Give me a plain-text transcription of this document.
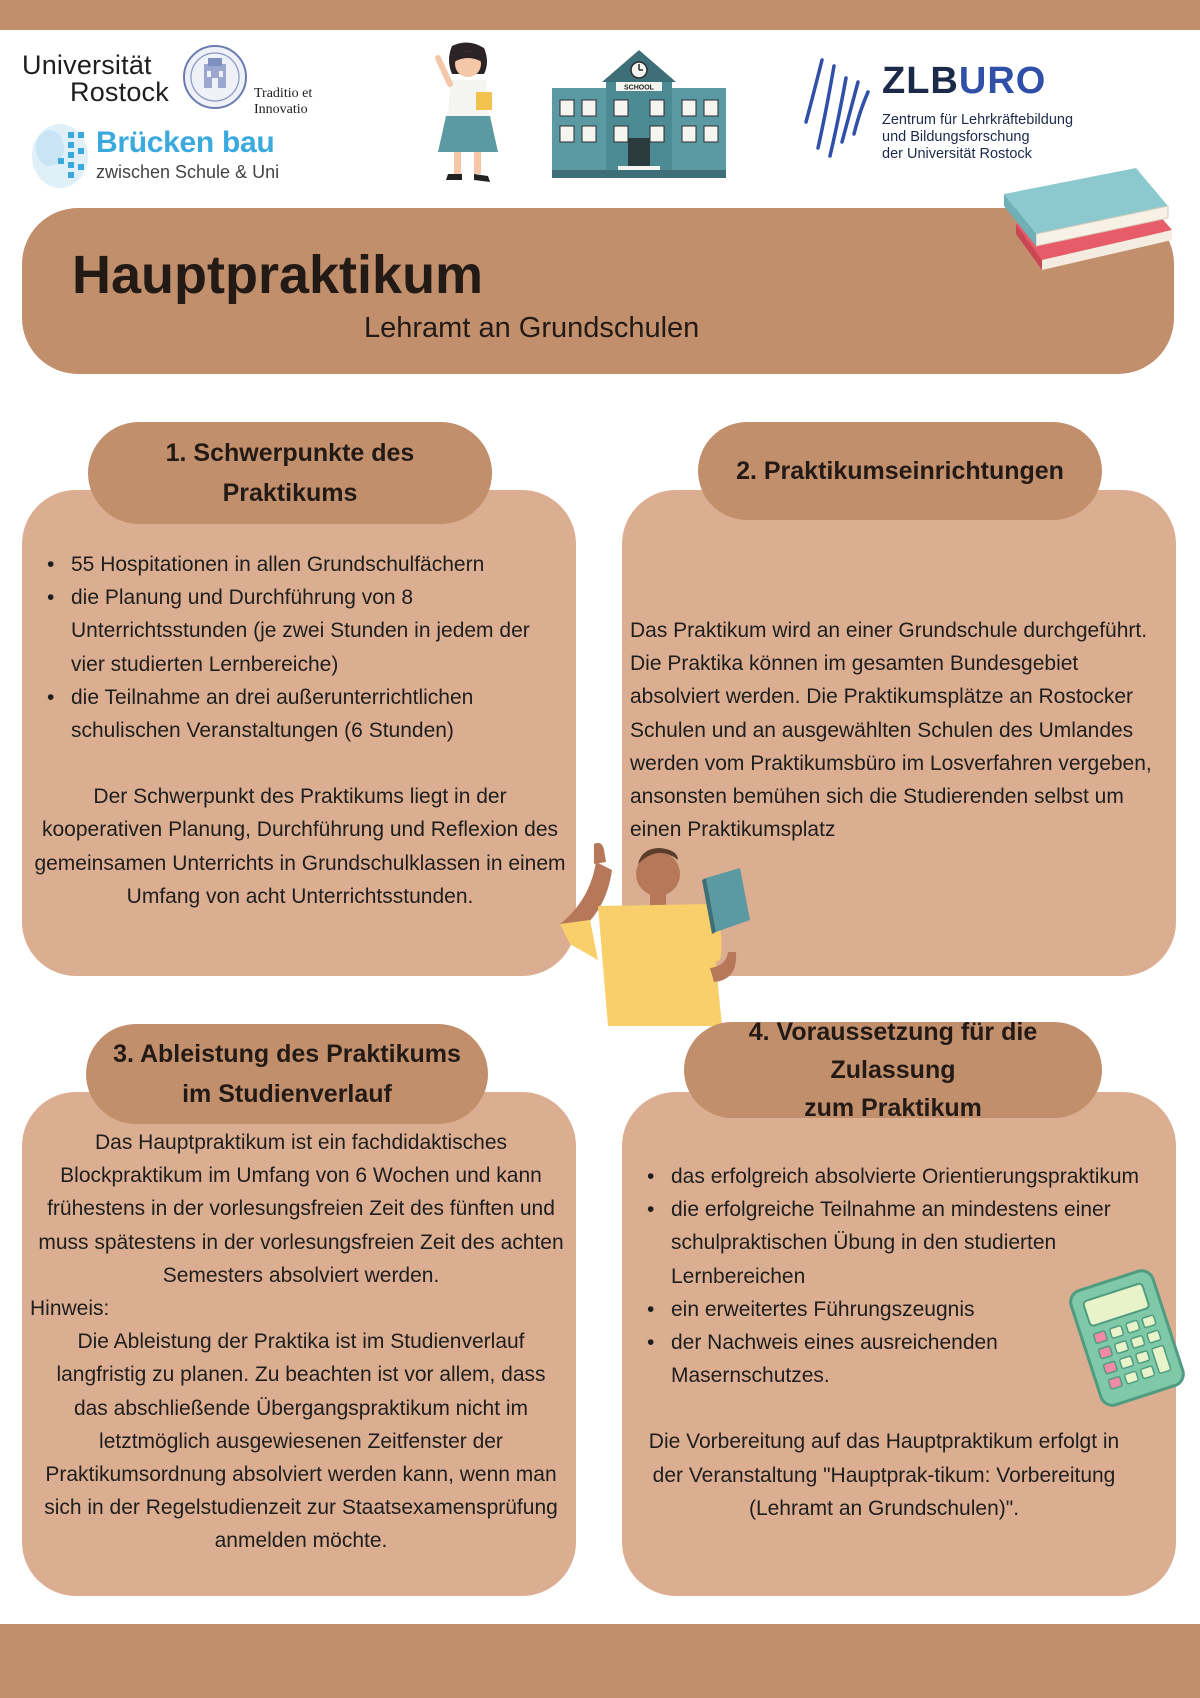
Universität
Rostock	Traditio et Innovatio
Brücken bau
zwischen Schule & Uni
SCHOOL	ZLBURO
Zentrum für Lehrkräftebildung
und Bildungsforschung
der Universität Rostock
Hauptpraktikum
Lehramt an Grundschulen
1. Schwerpunkte des
Praktikums
• 55 Hospitationen in allen Grundschulfächern
• die Planung und Durchführung von 8 Unterrichtsstunden (je zwei Stunden in jedem der vier studierten Lernbereiche)
• die Teilnahme an drei außerunterrichtlichen schulischen Veranstaltungen (6 Stunden)

Der Schwerpunkt des Praktikums liegt in der kooperativen Planung, Durchführung und Reflexion des gemeinsamen Unterrichts in Grundschulklassen in einem Umfang von acht Unterrichtsstunden.

2. Praktikumseinrichtungen
Das Praktikum wird an einer Grundschule durchgeführt. Die Praktika können im gesamten Bundesgebiet absolviert werden. Die Praktikumsplätze an Rostocker Schulen und an ausgewählten Schulen des Umlandes werden vom Praktikumsbüro im Losverfahren vergeben, ansonsten bemühen sich die Studierenden selbst um einen Praktikumsplatz
3. Ableistung des Praktikums
im Studienverlauf

Das Hauptpraktikum ist ein fachdidaktisches Blockpraktikum im Umfang von 6 Wochen und kann frühestens in der vorlesungsfreien Zeit des fünften und muss spätestens in der vorlesungsfreien Zeit des achten Semesters absolviert werden.

Hinweis:

Die Ableistung der Praktika ist im Studienverlauf langfristig zu planen. Zu beachten ist vor allem, dass das abschließende Übergangspraktikum nicht im letztmöglich ausgewiesenen Zeitfenster der Praktikumsordnung absolviert werden kann, wenn man sich in der Regelstudienzeit zur Staatsexamensprüfung anmelden möchte.

4. Voraussetzung für die Zulassung
zum Praktikum
• das erfolgreich absolvierte Orientierungspraktikum
• die erfolgreiche Teilnahme an mindestens einer schulpraktischen Übung in den studierten Lernbereichen
• ein erweitertes Führungszeugnis
• der Nachweis eines ausreichenden Masernschutzes.

Die Vorbereitung auf das Hauptpraktikum erfolgt in der Veranstaltung "Hauptprak-tikum: Vorbereitung (Lehramt an Grundschulen)".
